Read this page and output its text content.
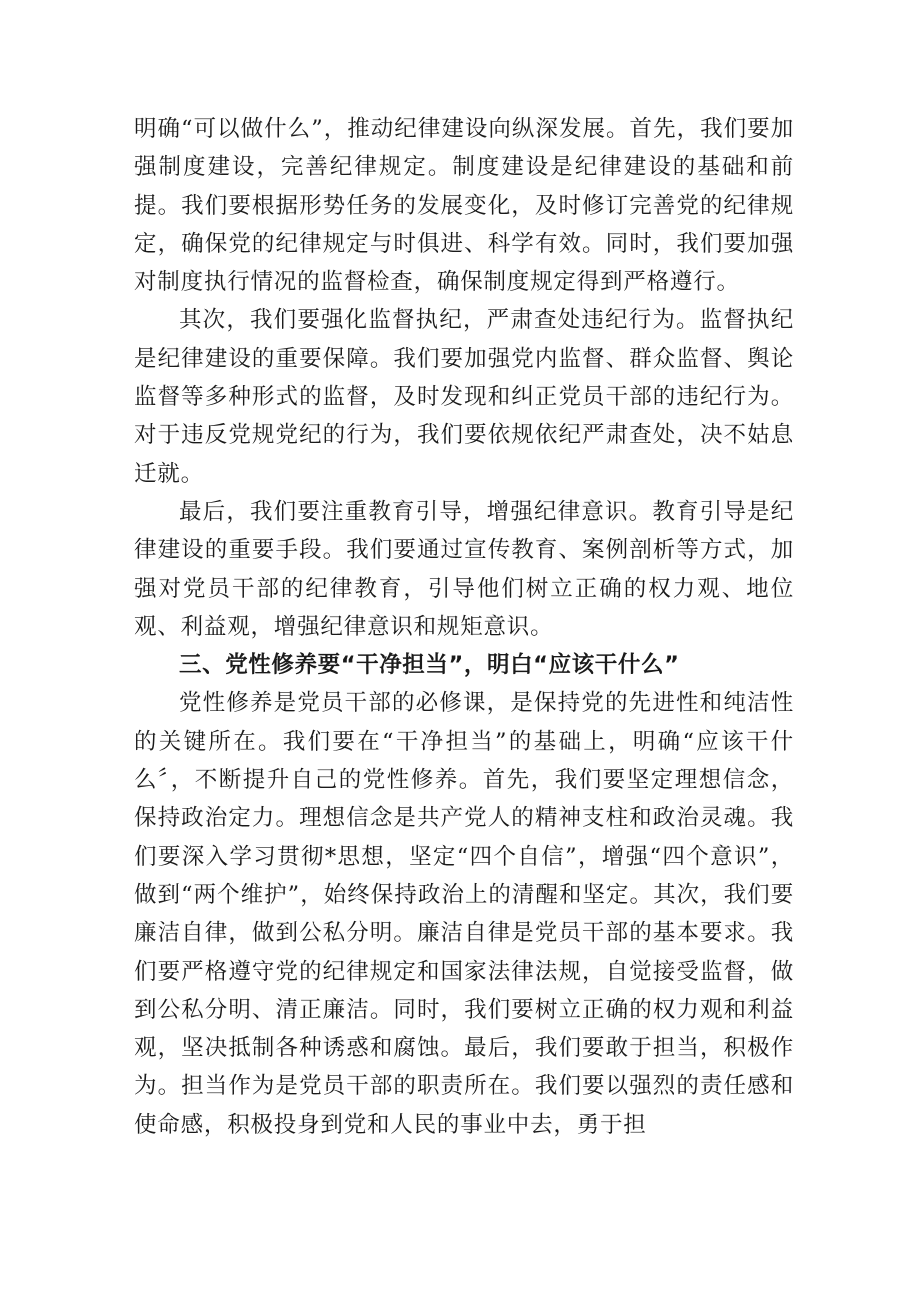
明确“可以做什么”，推动纪律建设向纵深发展。首先，我们要加强制度建设，完善纪律规定。制度建设是纪律建设的基础和前提。我们要根据形势任务的发展变化，及时修订完善党的纪律规定，确保党的纪律规定与时俱进、科学有效。同时，我们要加强对制度执行情况的监督检查，确保制度规定得到严格遵行。

其次，我们要强化监督执纪，严肃查处违纪行为。监督执纪是纪律建设的重要保障。我们要加强党内监督、群众监督、舆论监督等多种形式的监督，及时发现和纠正党员干部的违纪行为。对于违反党规党纪的行为，我们要依规依纪严肃查处，决不姑息迁就。

最后，我们要注重教育引导，增强纪律意识。教育引导是纪律建设的重要手段。我们要通过宣传教育、案例剖析等方式，加强对党员干部的纪律教育，引导他们树立正确的权力观、地位观、利益观，增强纪律意识和规矩意识。

三、党性修养要“干净担当”，明白“应该干什么”

党性修养是党员干部的必修课，是保持党的先进性和纯洁性的关键所在。我们要在“干净担当”的基础上，明确“应该干什么〞，不断提升自己的党性修养。首先，我们要坚定理想信念，保持政治定力。理想信念是共产党人的精神支柱和政治灵魂。我们要深入学习贯彻*思想，坚定“四个自信”，增强“四个意识”，做到“两个维护”，始终保持政治上的清醒和坚定。其次，我们要廉洁自律，做到公私分明。廉洁自律是党员干部的基本要求。我们要严格遵守党的纪律规定和国家法律法规，自觉接受监督，做到公私分明、清正廉洁。同时，我们要树立正确的权力观和利益观，坚决抵制各种诱惑和腐蚀。最后，我们要敢于担当，积极作为。担当作为是党员干部的职责所在。我们要以强烈的责任感和使命感，积极投身到党和人民的事业中去，勇于担
